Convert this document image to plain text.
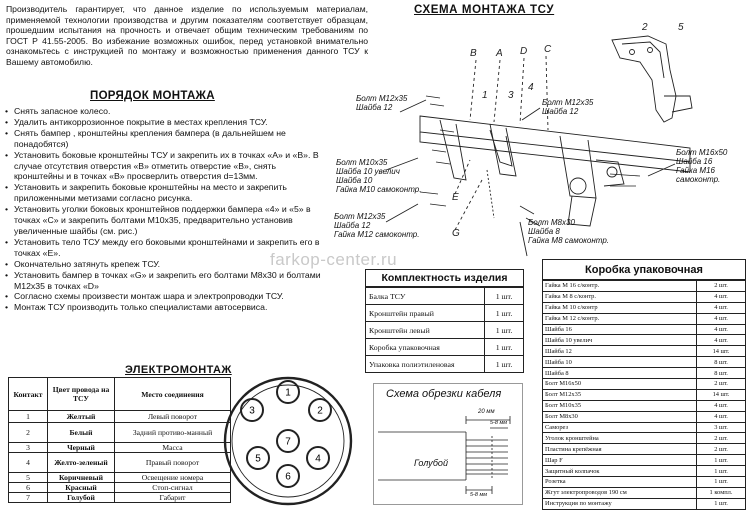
Производитель гарантирует, что данное изделие по используемым материалам, применяемой технологии производства и другим показателям соответствует образцам, прошедшим испытания на прочность и отвечает общим техническим требованиям по ГОСТ Р 41.55-2005. Во избежание возможных ошибок, перед установкой внимательно ознакомьтесь с инструкцией по монтажу и возможностью применения данного ТСУ к Вашему автомобилю.
ПОРЯДОК МОНТАЖА
• Снять запасное колесо.
• Удалить антикоррозионное покрытие в местах крепления ТСУ.
• Снять бампер , кронштейны крепления бампера (в дальнейшем не понадобятся)
• Установить боковые кронштейны ТСУ и закрепить их в точках «А» и «В». В случае отсутствия отверстия «В» отметить отверстие «В», снять кронштейны и в точках «В» просверлить отверстия d=13мм.
• Установить и закрепить боковые кронштейны на место и закрепить приложенными метизами согласно рисунка.
• Установить уголки боковых кронштейнов поддержки бампера «4» и «5» в точках «С» и закрепить болтами М10х35, предварительно установив увеличенные шайбы (см. рис.)
• Установить тело ТСУ между его боковыми кронштейнами и закрепить его в точках «Е».
• Окончательно затянуть крепеж ТСУ.
• Установить бампер в точках «G» и закрепить его болтами М8х30 и болтами М12х35 в точках «D»
• Согласно схемы произвести монтаж шара и электропроводки ТСУ.
• Монтаж ТСУ производить только специалистами автосервиса.
СХЕМА МОНТАЖА ТСУ
B A D C
E
G
1
2
3
4
5
Болт М12х35
Шайба 12
Болт М12х35
Шайба 12
Болт М10х35
Шайба 10 увелич
Шайба 10
Гайка М10 самоконтр.
Болт М16х50
Шайба 16
Гайка М16 самоконтр.
Болт М12х35
Шайба 12
Гайка М12 самоконтр.
Болт М8х30
Шайба 8
Гайка М8 самоконтр.
farkop-center.ru
Комплектность изделия
Балка ТСУ	1 шт.
Кронштейн правый	1 шт.
Кронштейн левый	1 шт.
Коробка упаковочная	1 шт.
Упаковка полиэтиленовая	1 шт.
Коробка упаковочная
Гайка М 16 с/контр.	2 шт.
Гайка М 8 с/контр.	4 шт.
Гайка М 10 с/контр	4 шт.
Гайка М 12 с/контр.	4 шт.
Шайба 16	4 шт.
Шайба 10 увелич	4 шт.
Шайба 12	14 шт.
Шайба 10	8 шт.
Шайба 8	8 шт.
Болт М16х50	2 шт.
Болт М12х35	14 шт.
Болт М10х35	4 шт.
Болт М8х30	4 шт.
Саморез	3 шт.
Уголок кронштейна	2 шт.
Пластина крепёжная	2 шт.
Шар F	1 шт.
Защитный колпачок	1 шт.
Розетка	1 шт.
Жгут электропроводов 190 см	1 компл.
Инструкция по монтажу	1 шт.
ЭЛЕКТРОМОНТАЖ
Контакт	Цвет провода на ТСУ	Место соединения
1	Желтый	Левый поворот
2	Белый	Задний противо-манный
3	Черный	Масса
4	Желто-зеленый	Правый поворот
5	Коричневый	Освещение номера
6	Красный	Стоп-сигнал
7	Голубой	Габарит
1
2
3
4
5
6
7
Схема обрезки кабеля
20 мм
5-8 мм
5-8 мм
Голубой
